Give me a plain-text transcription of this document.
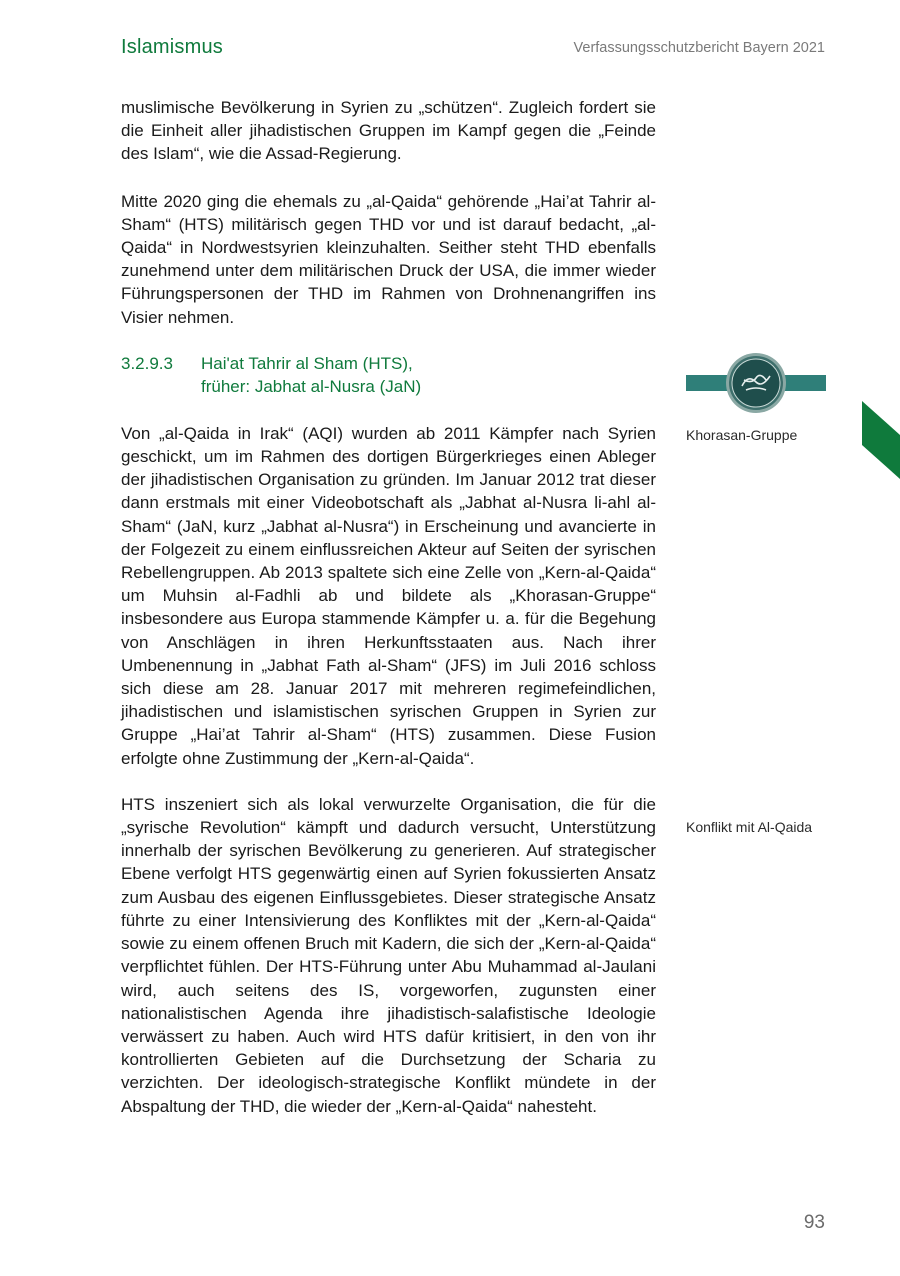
Islamismus	Verfassungsschutzbericht Bayern 2021

muslimische Bevölkerung in Syrien zu „schützen“. Zugleich fordert sie die Einheit aller jihadistischen Gruppen im Kampf gegen die „Feinde des Islam“, wie die Assad-Regierung.

Mitte 2020 ging die ehemals zu „al-Qaida“ gehörende „Hai’at Tahrir al-Sham“ (HTS) militärisch gegen THD vor und ist darauf bedacht, „al-Qaida“ in Nordwestsyrien kleinzuhalten. Seither steht THD ebenfalls zunehmend unter dem militärischen Druck der USA, die immer wieder Führungspersonen der THD im Rahmen von Drohnenangriffen ins Visier nehmen.

3.2.9.3	Hai'at Tahrir al Sham (HTS),
früher: Jabhat al-Nusra (JaN)

Von „al-Qaida in Irak“ (AQI) wurden ab 2011 Kämpfer nach Syrien geschickt, um im Rahmen des dortigen Bürgerkrieges einen Ableger der jihadistischen Organisation zu gründen. Im Januar 2012 trat dieser dann erstmals mit einer Videobotschaft als „Jabhat al-Nusra li-ahl al-Sham“ (JaN, kurz „Jabhat al-Nusra“) in Erscheinung und avancierte in der Folgezeit zu einem einflussreichen Akteur auf Seiten der syrischen Rebellengruppen. Ab 2013 spaltete sich eine Zelle von „Kern-al-Qaida“ um Muhsin al-Fadhli ab und bildete als „Khorasan-Gruppe“ insbesondere aus Europa stammende Kämpfer u. a. für die Begehung von Anschlägen in ihren Herkunftsstaaten aus. Nach ihrer Umbenennung in „Jabhat Fath al-Sham“ (JFS) im Juli 2016 schloss sich diese am 28. Januar 2017 mit mehreren regimefeindlichen, jihadistischen und islamistischen syrischen Gruppen in Syrien zur Gruppe „Hai’at Tahrir al-Sham“ (HTS) zusammen. Diese Fusion erfolgte ohne Zustimmung der „Kern-al-Qaida“.

HTS inszeniert sich als lokal verwurzelte Organisation, die für die „syrische Revolution“ kämpft und dadurch versucht, Unterstützung innerhalb der syrischen Bevölkerung zu generieren. Auf strategischer Ebene verfolgt HTS gegenwärtig einen auf Syrien fokussierten Ansatz zum Ausbau des eigenen Einflussgebietes. Dieser strategische Ansatz führte zu einer Intensivierung des Konfliktes mit der „Kern-al-Qaida“ sowie zu einem offenen Bruch mit Kadern, die sich der „Kern-al-Qaida“ verpflichtet fühlen. Der HTS-Führung unter Abu Muhammad al-Jaulani wird, auch seitens des IS, vorgeworfen, zugunsten einer nationalistischen Agenda ihre jihadistisch-salafistische Ideologie verwässert zu haben. Auch wird HTS dafür kritisiert, in den von ihr kontrollierten Gebieten auf die Durchsetzung der Scharia zu verzichten. Der ideologisch-strategische Konflikt mündete in der Abspaltung der THD, die wieder der „Kern-al-Qaida“ nahesteht.

Khorasan-Gruppe
Konflikt mit Al-Qaida
93
